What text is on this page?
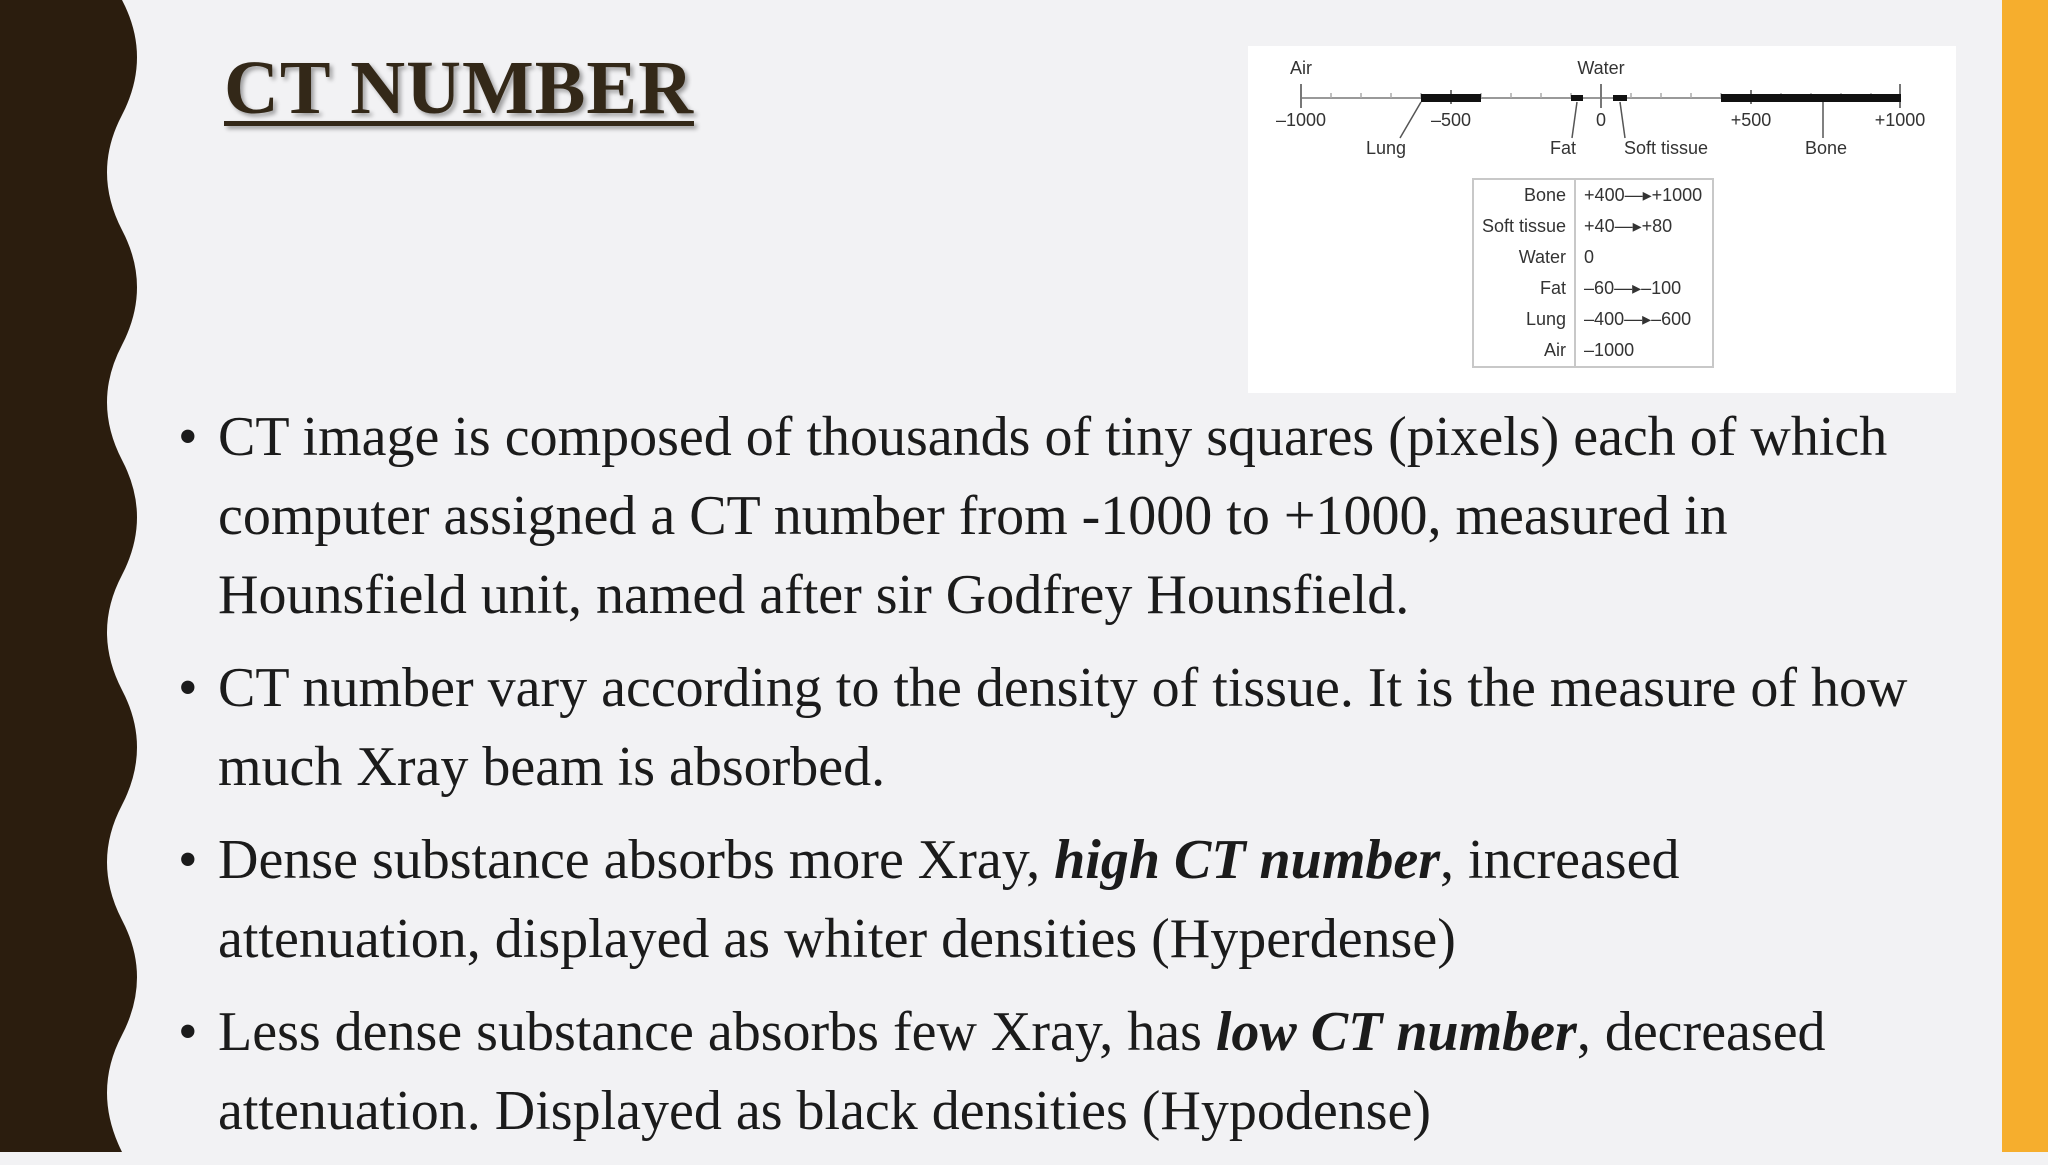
CT NUMBER	Air	Water
–1000	–500	0	+500	+1000
Lung	Fat	Soft tissue	Bone
Bone	+400—▸+1000
Soft tissue	+40—▸+80
Water	0
Fat	–60—▸–100
Lung	–400—▸–600
Air	–1000
• CT image is composed of thousands of tiny squares (pixels) each of which computer assigned a CT number from -1000 to +1000, measured in Hounsfield unit, named after sir Godfrey Hounsfield.
• CT number vary according to the density of tissue. It is the measure of how much Xray beam is absorbed.
• Dense substance absorbs more Xray, high CT number, increased attenuation, displayed as whiter densities (Hyperdense)
• Less dense substance absorbs few Xray, has low CT number, decreased attenuation. Displayed as black densities (Hypodense)
